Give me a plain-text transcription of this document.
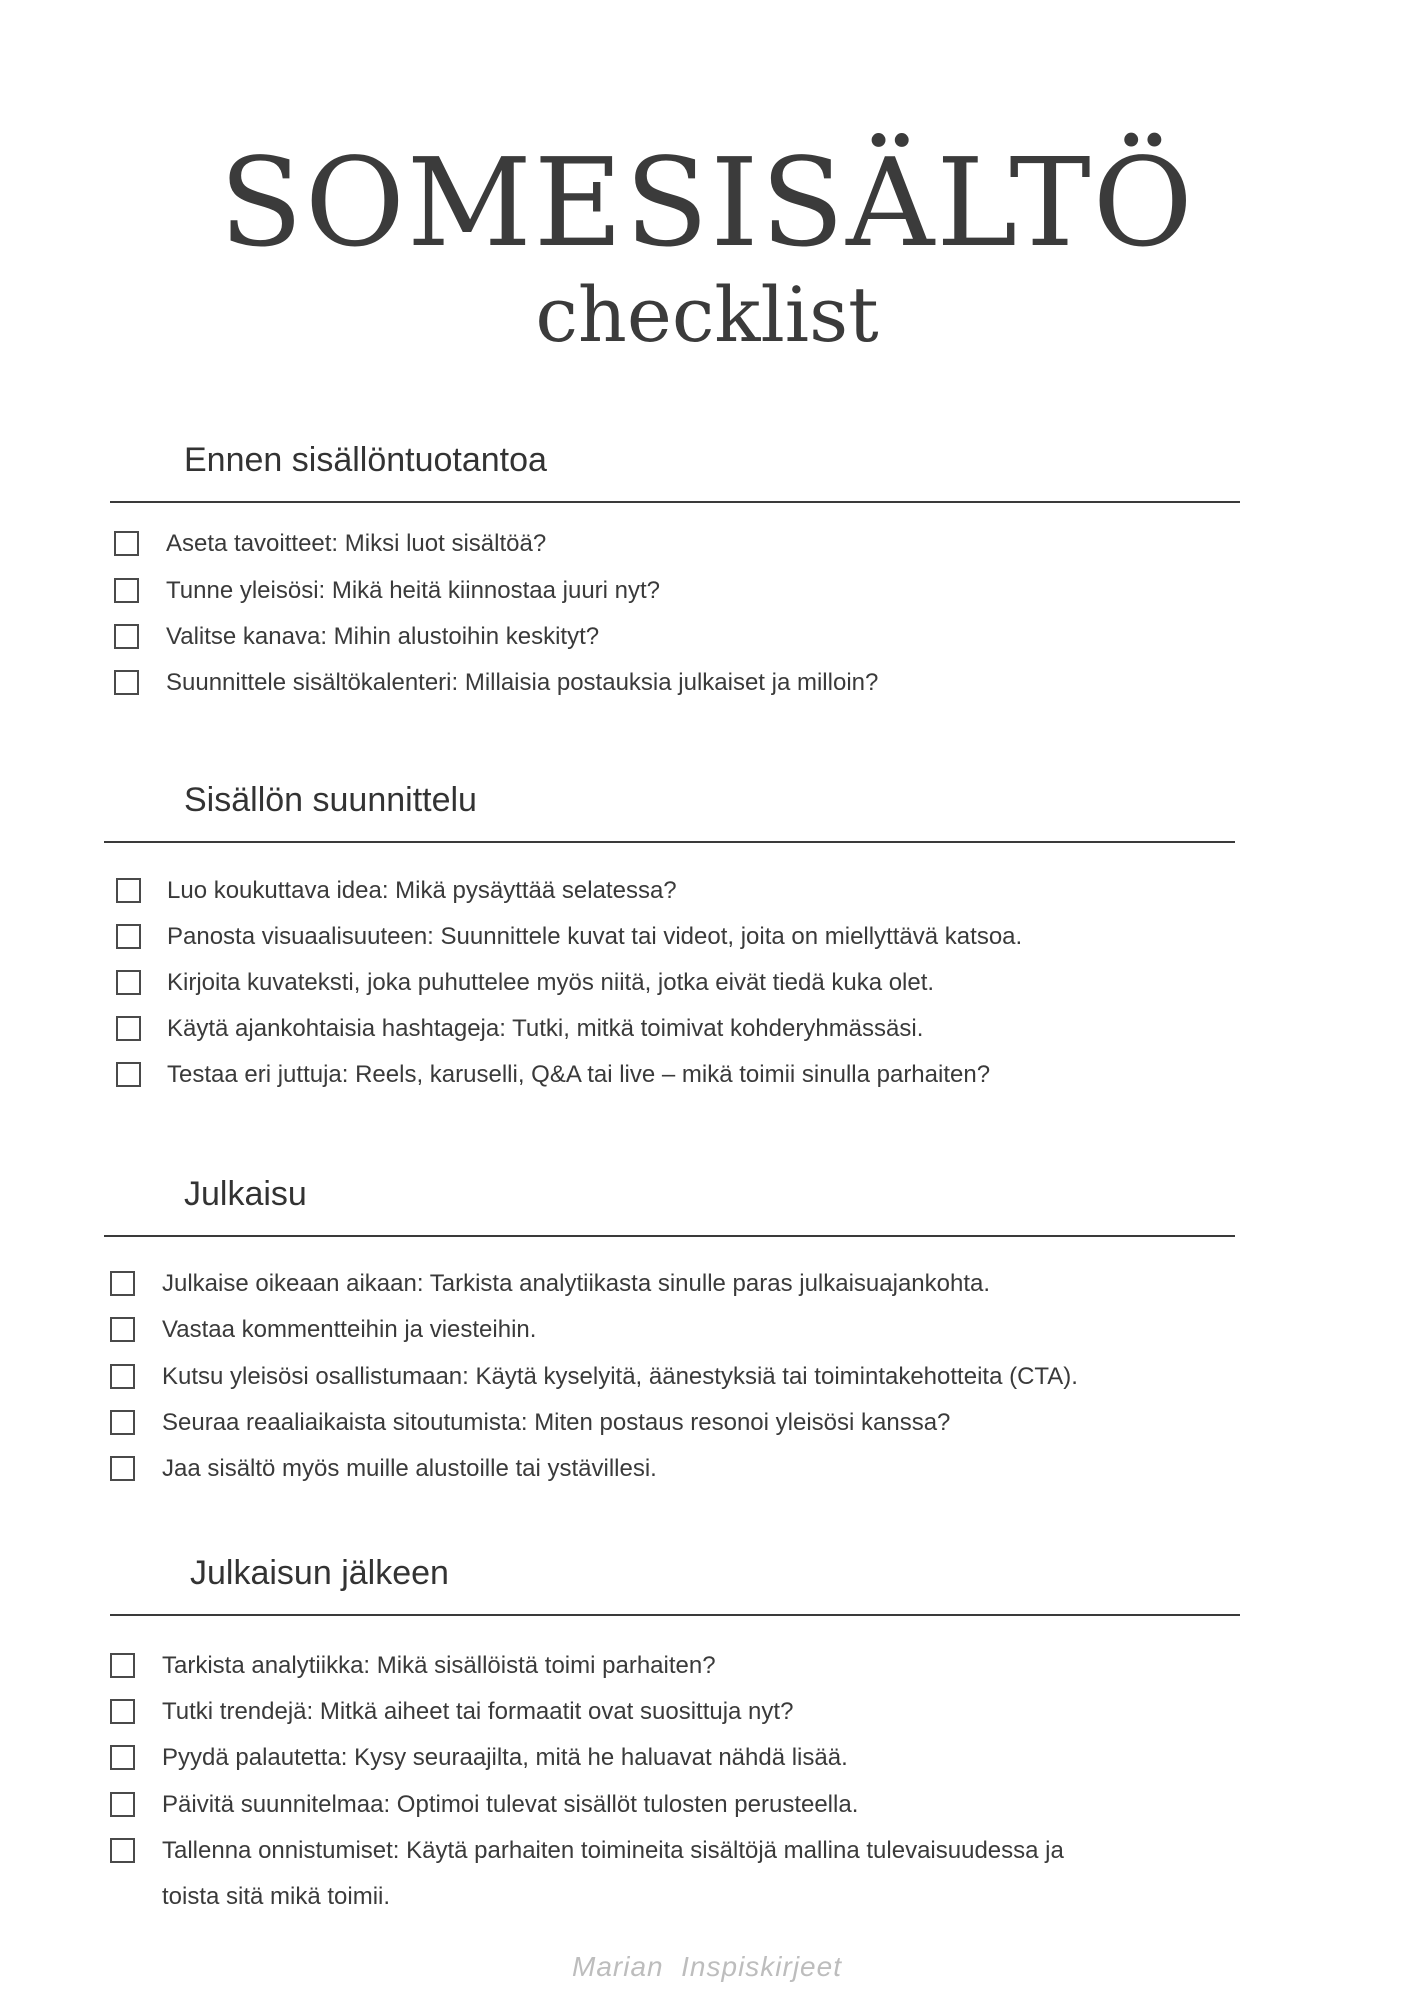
SOMESISÄLTÖ
checklist
Ennen sisällöntuotantoa
Aseta tavoitteet: Miksi luot sisältöä?
Tunne yleisösi: Mikä heitä kiinnostaa juuri nyt?
Valitse kanava: Mihin alustoihin keskityt?
Suunnittele sisältökalenteri: Millaisia postauksia julkaiset ja milloin?
Sisällön suunnittelu
Luo koukuttava idea: Mikä pysäyttää selatessa?
Panosta visuaalisuuteen: Suunnittele kuvat tai videot, joita on miellyttävä katsoa.
Kirjoita kuvateksti, joka puhuttelee myös niitä, jotka eivät tiedä kuka olet.
Käytä ajankohtaisia hashtageja: Tutki, mitkä toimivat kohderyhmässäsi.
Testaa eri juttuja: Reels, karuselli, Q&A tai live – mikä toimii sinulla parhaiten?
Julkaisu
Julkaise oikeaan aikaan: Tarkista analytiikasta sinulle paras julkaisuajankohta.
Vastaa kommentteihin ja viesteihin.
Kutsu yleisösi osallistumaan: Käytä kyselyitä, äänestyksiä tai toimintakehotteita (CTA).
Seuraa reaaliaikaista sitoutumista: Miten postaus resonoi yleisösi kanssa?
Jaa sisältö myös muille alustoille tai ystävillesi.
Julkaisun jälkeen
Tarkista analytiikka: Mikä sisällöistä toimi parhaiten?
Tutki trendejä: Mitkä aiheet tai formaatit ovat suosittuja nyt?
Pyydä palautetta: Kysy seuraajilta, mitä he haluavat nähdä lisää.
Päivitä suunnitelmaa: Optimoi tulevat sisällöt tulosten perusteella.
Tallenna onnistumiset: Käytä parhaiten toimineita sisältöjä mallina tulevaisuudessa ja
toista sitä mikä toimii.

Marian  Inspiskirjeet
